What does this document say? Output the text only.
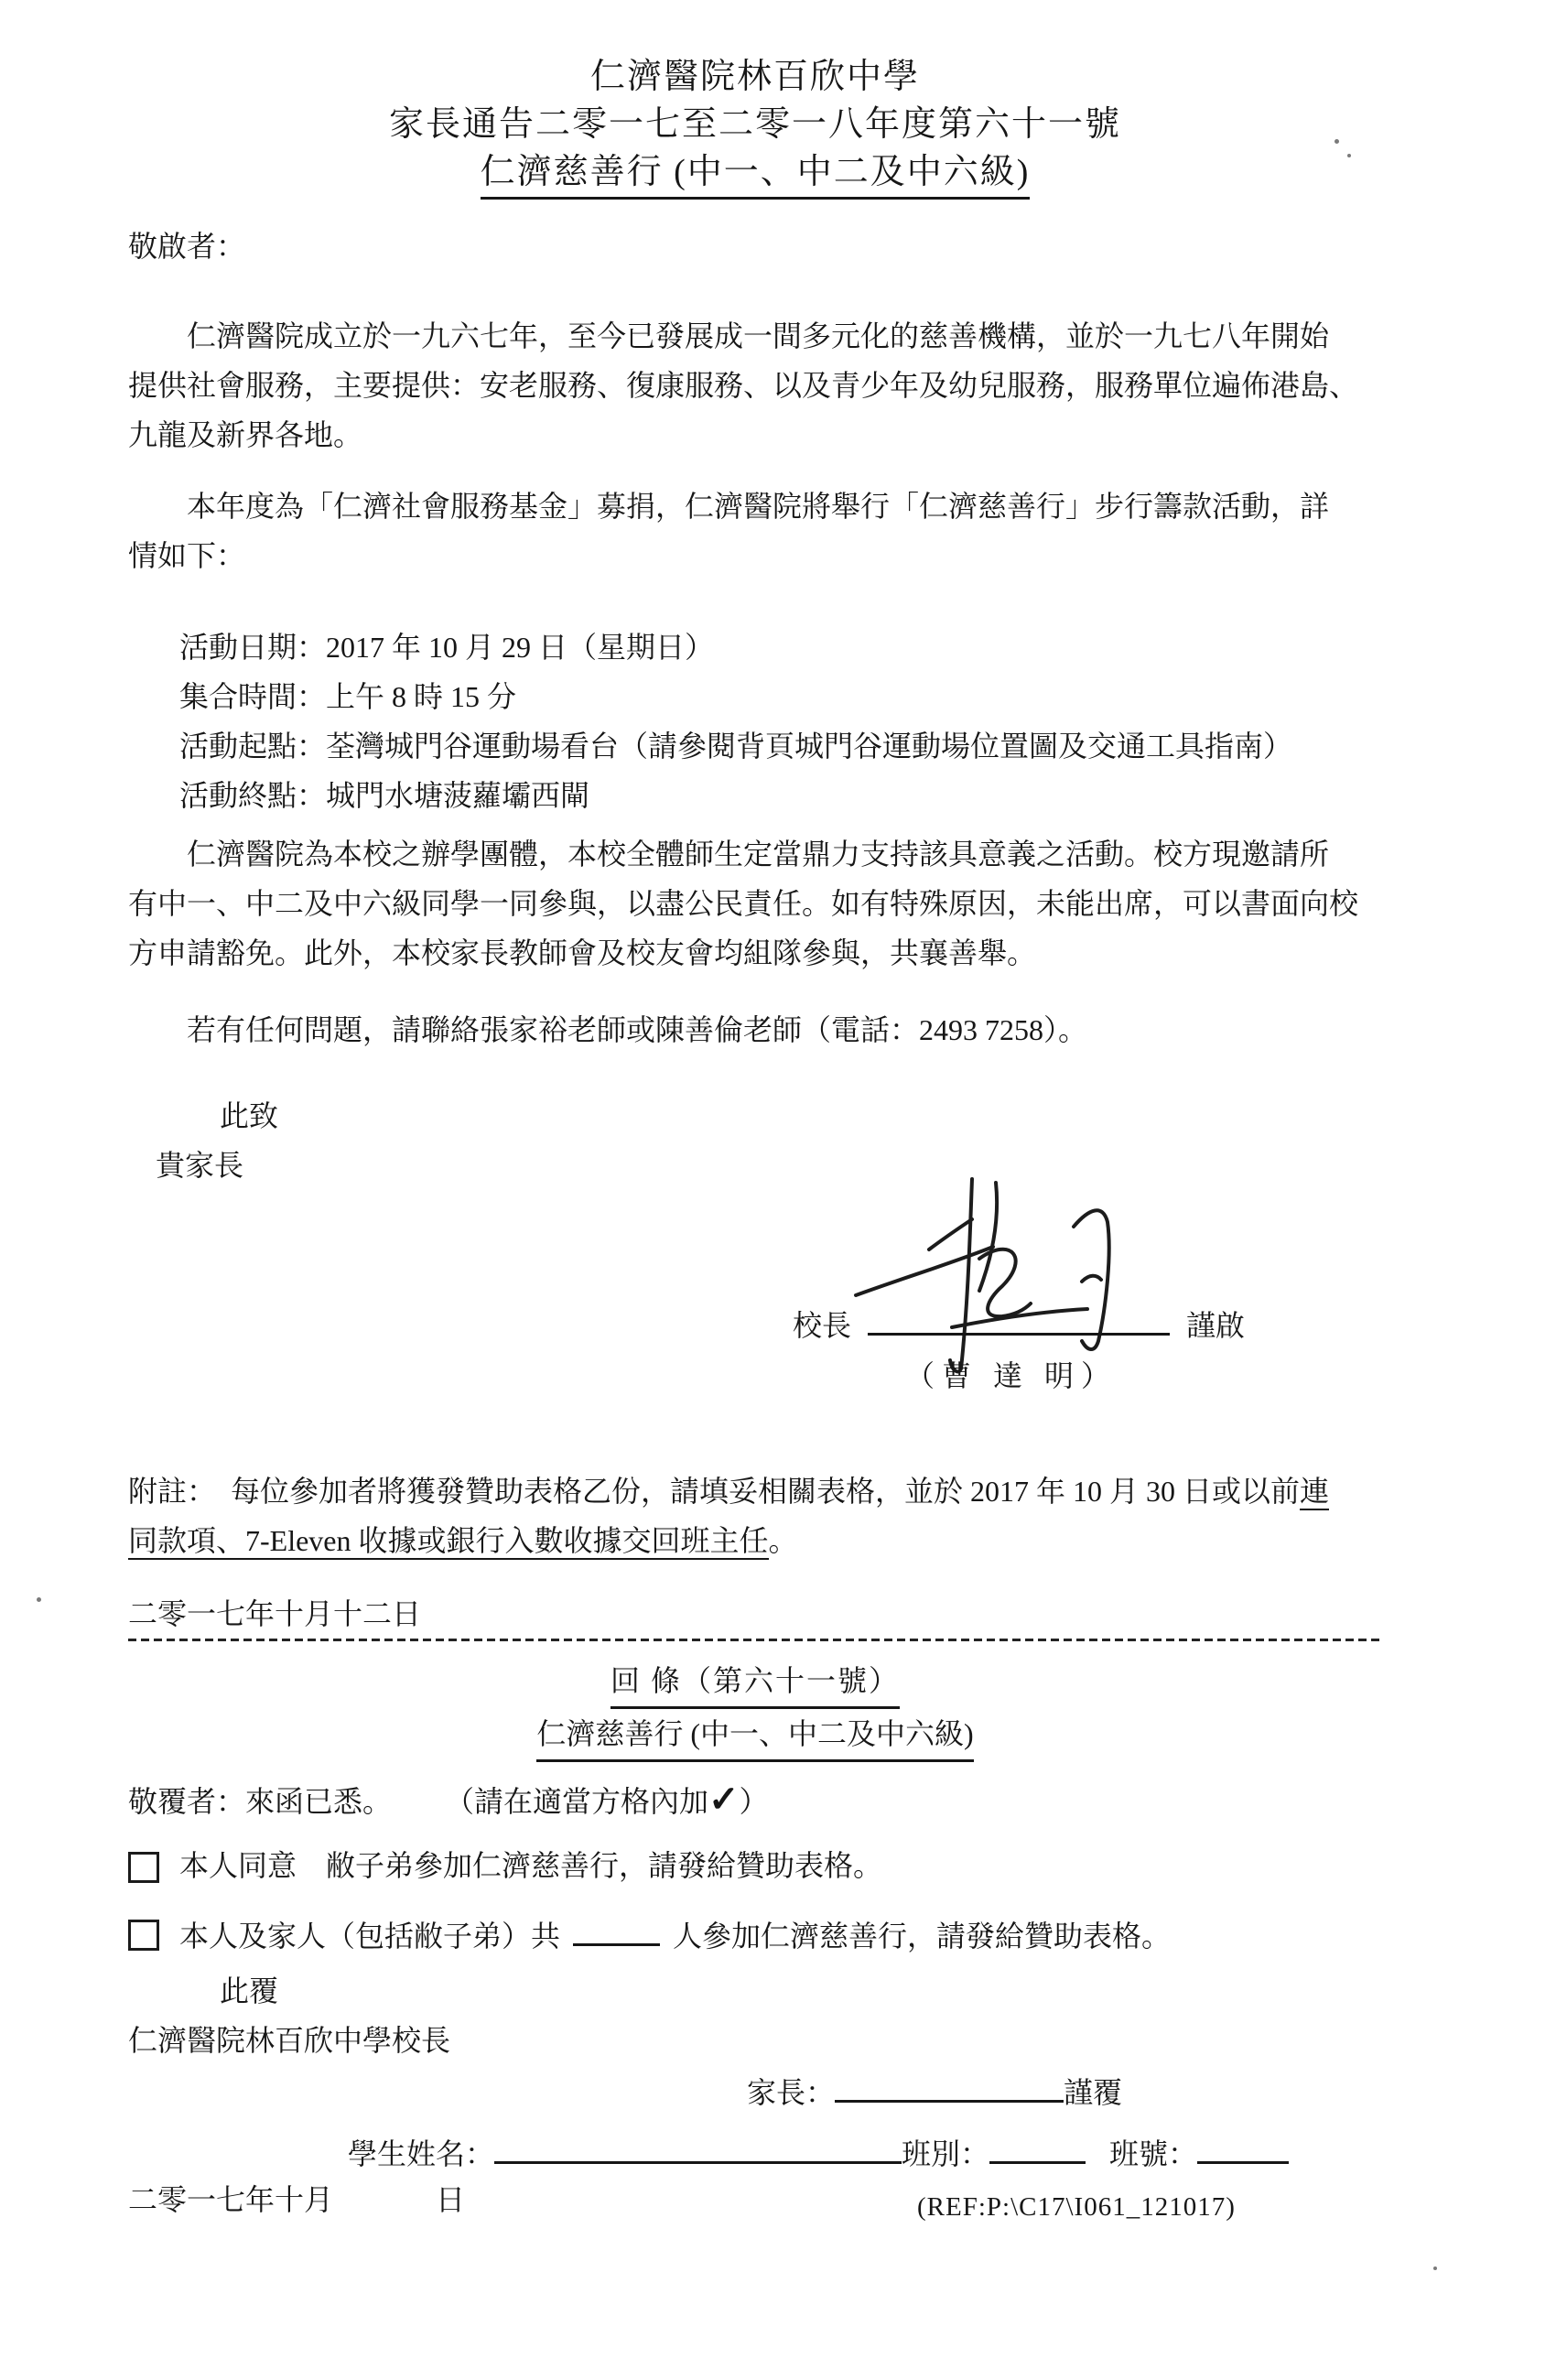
仁濟醫院林百欣中學
家長通告二零一七至二零一八年度第六十一號
仁濟慈善行 (中一、中二及中六級)
敬啟者：
仁濟醫院成立於一九六七年，至今已發展成一間多元化的慈善機構，並於一九七八年開始
提供社會服務，主要提供：安老服務、復康服務、以及青少年及幼兒服務，服務單位遍佈港島、
九龍及新界各地。
本年度為「仁濟社會服務基金」募捐，仁濟醫院將舉行「仁濟慈善行」步行籌款活動，詳
情如下：
活動日期：2017 年 10 月 29 日（星期日）
集合時間：上午 8 時 15 分
活動起點：荃灣城門谷運動場看台（請參閱背頁城門谷運動場位置圖及交通工具指南）
活動終點：城門水塘菠蘿壩西閘
仁濟醫院為本校之辦學團體，本校全體師生定當鼎力支持該具意義之活動。校方現邀請所
有中一、中二及中六級同學一同參與，以盡公民責任。如有特殊原因，未能出席，可以書面向校
方申請豁免。此外，本校家長教師會及校友會均組隊參與，共襄善舉。
若有任何問題，請聯絡張家裕老師或陳善倫老師（電話：2493 7258）。
此致
貴家長
校長	謹啟
（曹 達 明）
附註：　每位參加者將獲發贊助表格乙份，請填妥相關表格，並於 2017 年 10 月 30 日或以前連
同款項、7-Eleven 收據或銀行入數收據交回班主任。
二零一七年十月十二日
回 條（第六十一號）
仁濟慈善行 (中一、中二及中六級)
敬覆者：來函已悉。 （請在適當方格內加✓）
本人同意　敝子弟參加仁濟慈善行，請發給贊助表格。
本人及家人（包括敝子弟）共	人參加仁濟慈善行，請發給贊助表格。
此覆
仁濟醫院林百欣中學校長
家長：	謹覆
學生姓名：	班別：	班號：
二零一七年十月	日	(REF:P:\C17\I061_121017)
